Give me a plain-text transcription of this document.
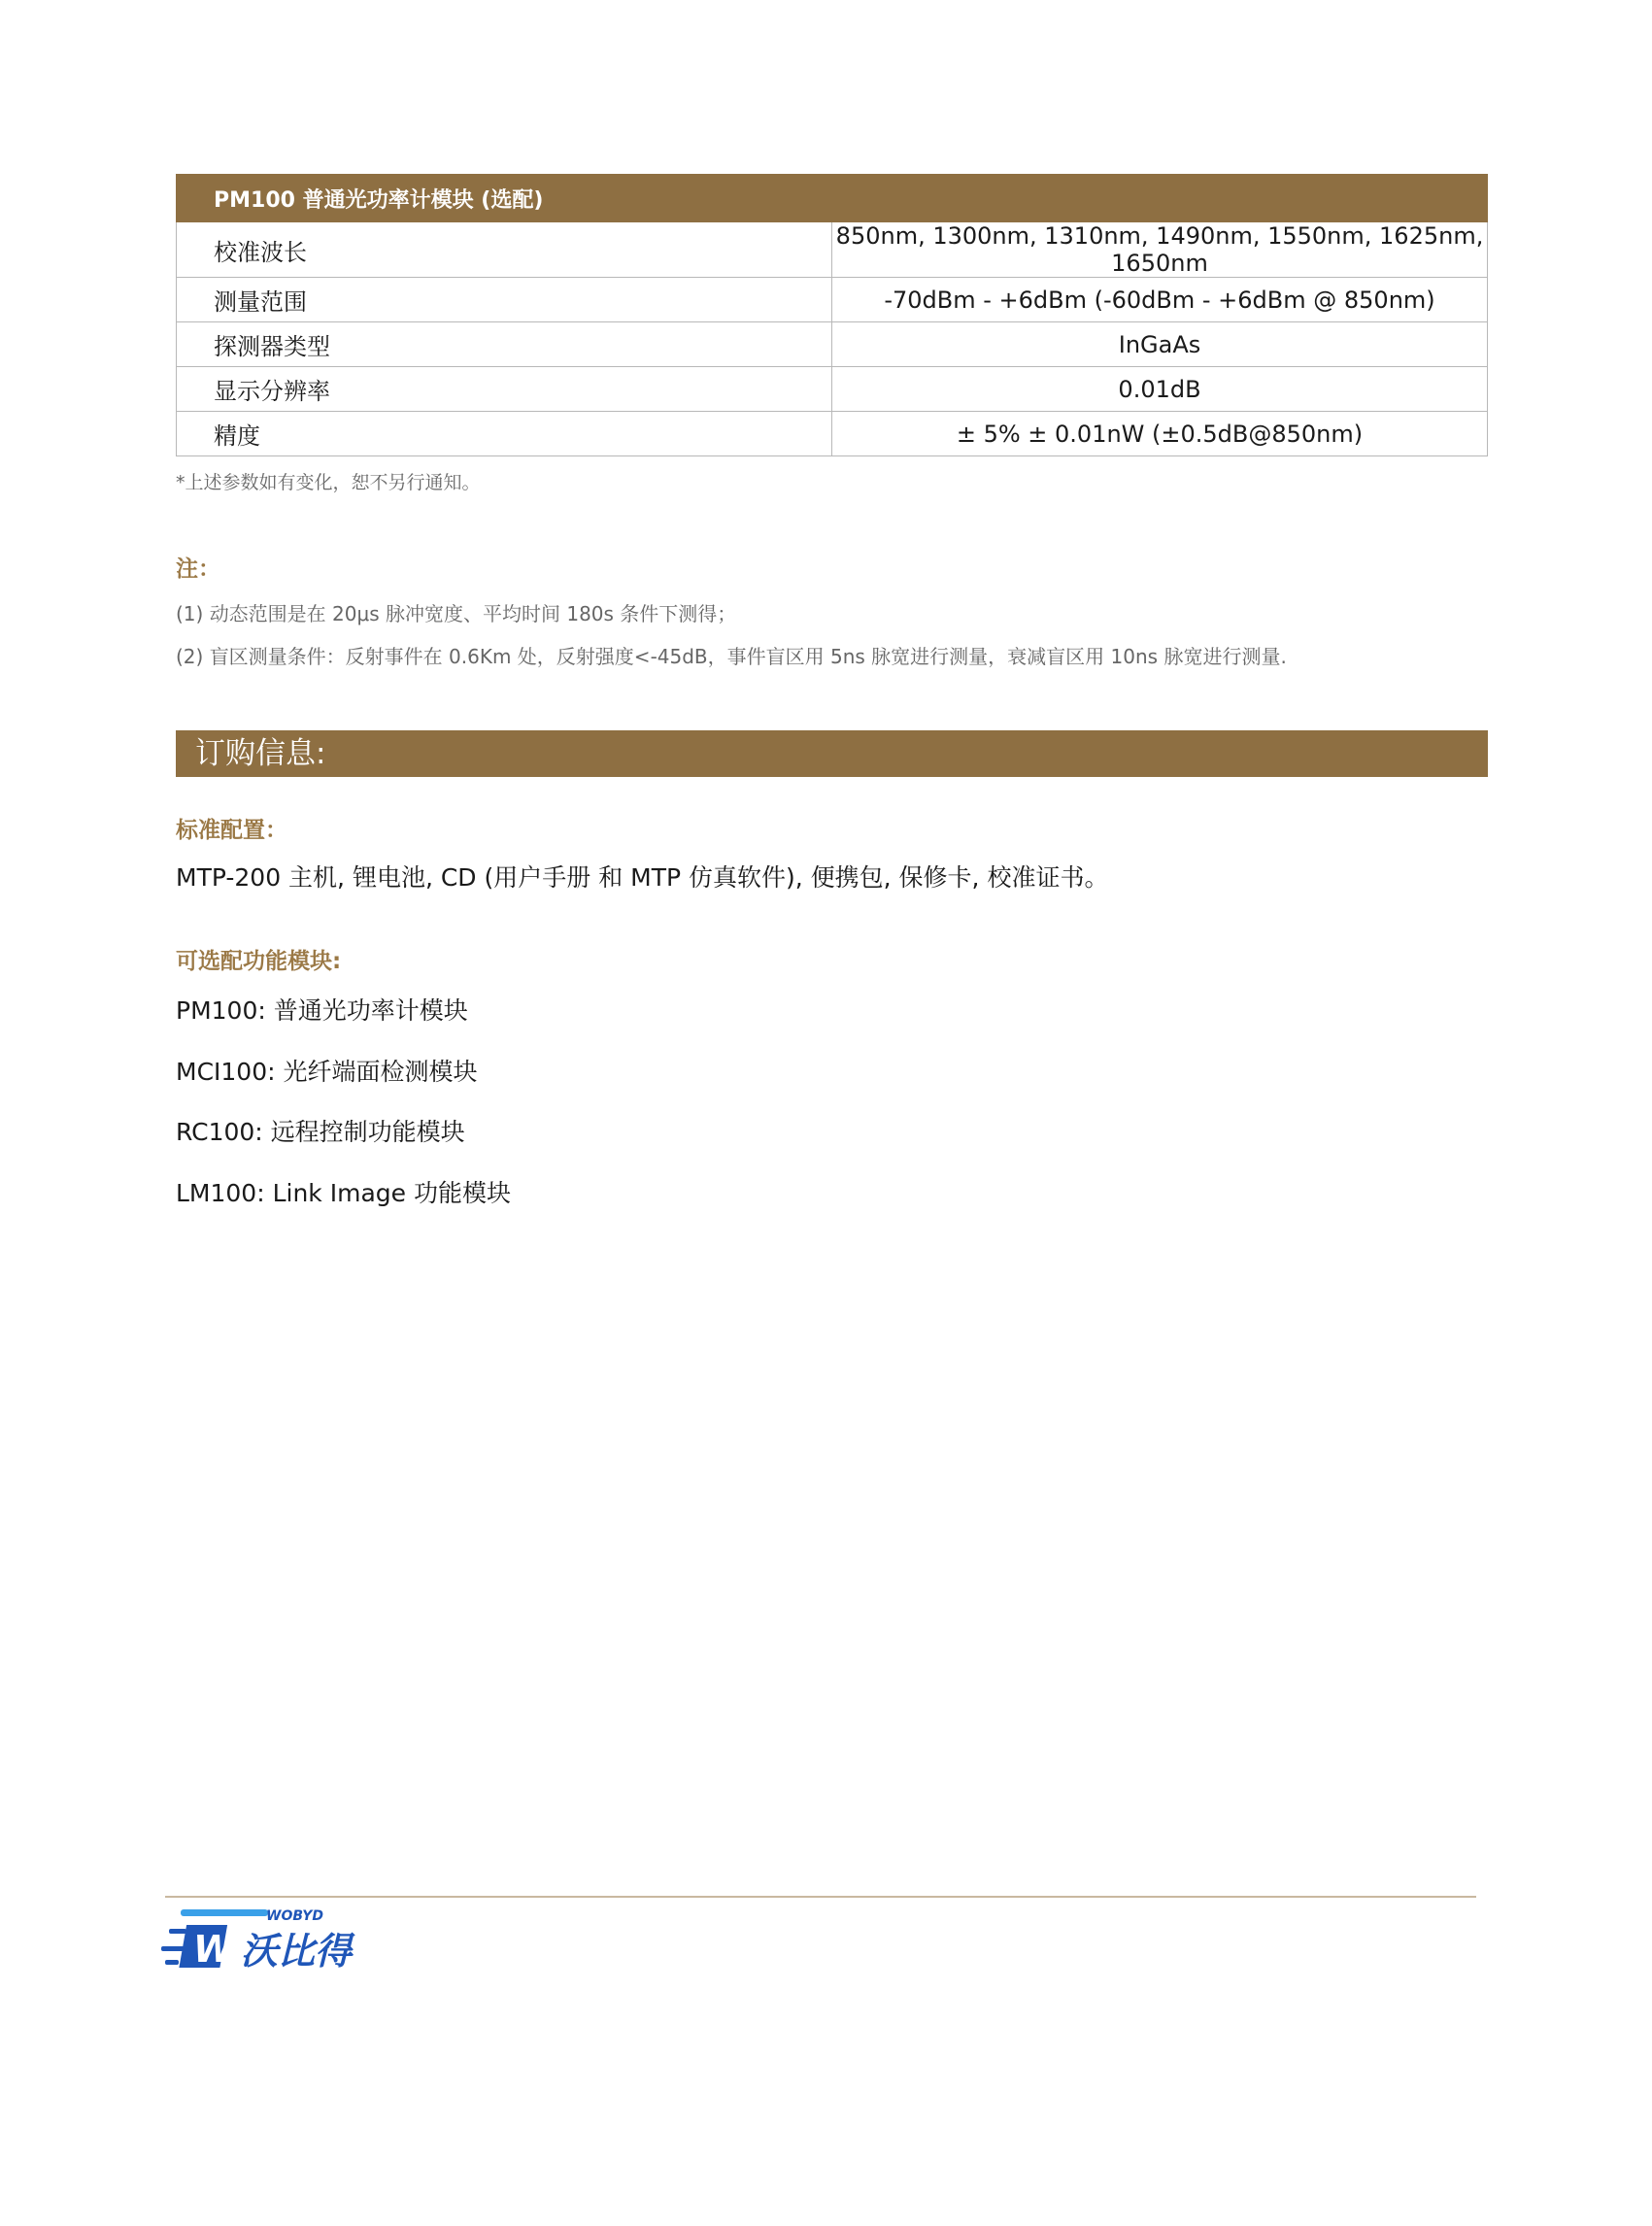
PM100 普通光功率计模块 (选配)	
校准波长	850nm, 1300nm, 1310nm, 1490nm, 1550nm, 1625nm, 1650nm
测量范围	-70dBm - +6dBm (-60dBm - +6dBm @ 850nm)
探测器类型	InGaAs
显示分辨率	0.01dB
精度	± 5% ± 0.01nW (±0.5dB@850nm)
*上述参数如有变化，恕不另行通知。
注：
(1) 动态范围是在 20μs 脉冲宽度、平均时间 180s 条件下测得；
(2) 盲区测量条件：反射事件在 0.6Km 处，反射强度<-45dB，事件盲区用 5ns 脉宽进行测量，衰减盲区用 10ns 脉宽进行测量.
订购信息:
标准配置：
MTP-200 主机, 锂电池, CD (用户手册 和 MTP 仿真软件), 便携包, 保修卡, 校准证书。
可选配功能模块:
PM100: 普通光功率计模块
MCI100: 光纤端面检测模块
RC100: 远程控制功能模块
LM100: Link Image 功能模块
WOBYD
W 沃比得
